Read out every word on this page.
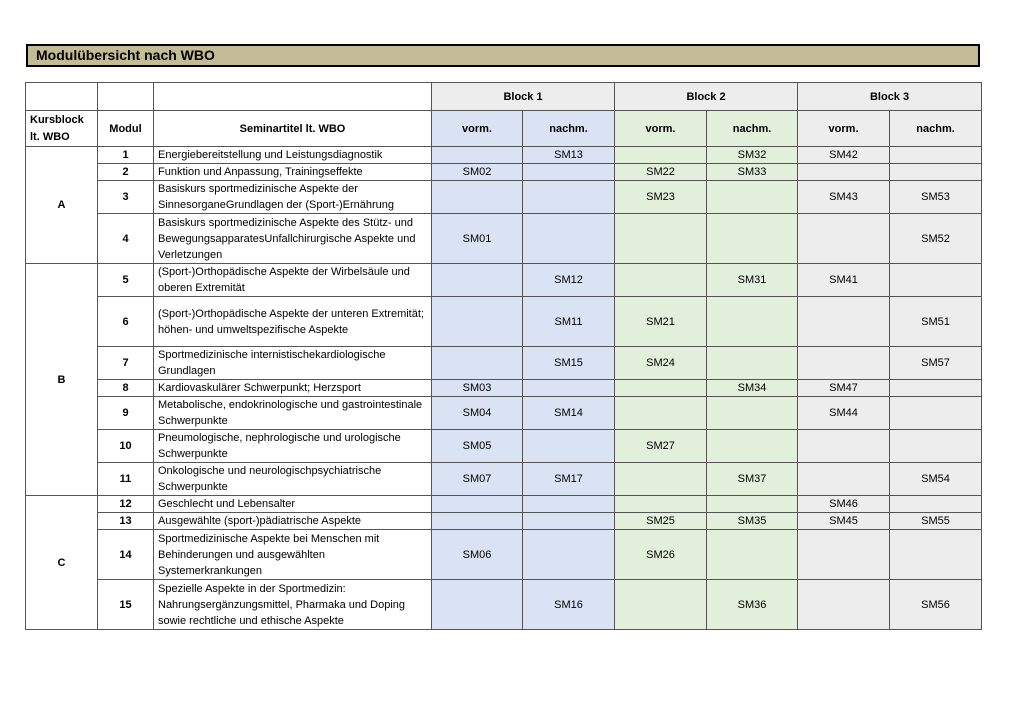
Modulübersicht nach WBO
			Block 1		Block 2		Block 3	
Kursblock lt. WBO	Modul	Seminartitel lt. WBO	vorm.	nachm.	vorm.	nachm.	vorm.	nachm.
A	1	Energiebereitstellung und Leistungsdiagnostik		SM13		SM32	SM42	
	2	Funktion und Anpassung, Trainingseffekte	SM02		SM22	SM33		
	3	Basiskurs sportmedizinische Aspekte der SinnesorganeGrundlagen der (Sport-)Ernährung			SM23		SM43	SM53
	4	Basiskurs sportmedizinische Aspekte des Stütz- und BewegungsapparatesUnfallchirurgische Aspekte und Verletzungen	SM01					SM52
B	5	(Sport-)Orthopädische Aspekte der Wirbelsäule und oberen Extremität		SM12		SM31	SM41	
	6	(Sport-)Orthopädische Aspekte der unteren Extremität; höhen- und umweltspezifische Aspekte		SM11	SM21			SM51
	7	Sportmedizinische internistischekardiologische Grundlagen		SM15	SM24			SM57
	8	Kardiovaskulärer Schwerpunkt; Herzsport	SM03			SM34	SM47	
	9	Metabolische, endokrinologische und gastrointestinale Schwerpunkte	SM04	SM14			SM44	
	10	Pneumologische, nephrologische und urologische Schwerpunkte	SM05		SM27			
	11	Onkologische und neurologischpsychiatrische Schwerpunkte	SM07	SM17		SM37		SM54
C	12	Geschlecht und Lebensalter					SM46	
	13	Ausgewählte (sport-)pädiatrische Aspekte			SM25	SM35	SM45	SM55
	14	Sportmedizinische Aspekte bei Menschen mit Behinderungen und ausgewählten Systemerkrankungen	SM06		SM26			
	15	Spezielle Aspekte in der Sportmedizin: Nahrungsergänzungsmittel, Pharmaka und Doping sowie rechtliche und ethische Aspekte		SM16		SM36		SM56
